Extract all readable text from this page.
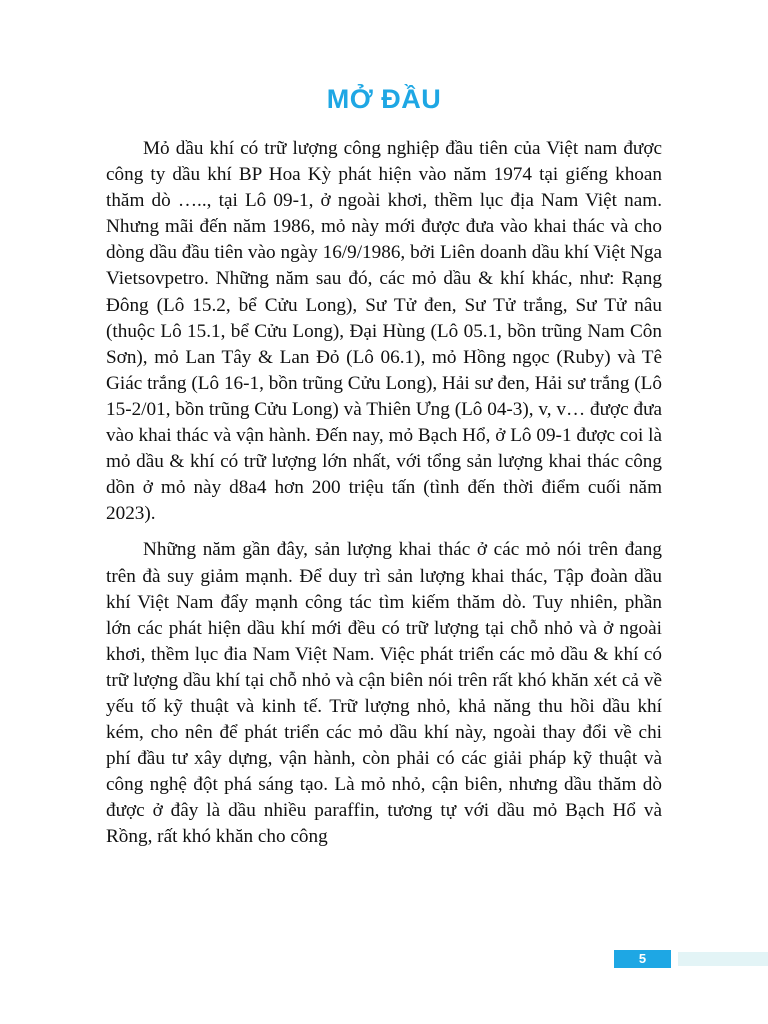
MỞ ĐẦU

Mỏ dầu khí có trữ lượng công nghiệp đầu tiên của Việt nam được công ty dầu khí BP Hoa Kỳ phát hiện vào năm 1974 tại giếng khoan thăm dò ….., tại Lô 09-1, ở ngoài khơi, thềm lục địa Nam Việt nam. Nhưng mãi đến năm 1986, mỏ này mới được đưa vào khai thác và cho dòng dầu đầu tiên vào ngày 16/9/1986, bởi Liên doanh dầu khí Việt Nga Vietsovpetro. Những năm sau đó, các mỏ dầu & khí khác, như: Rạng Đông (Lô 15.2, bể Cửu Long), Sư Tử đen, Sư Tử trắng, Sư Tử nâu (thuộc Lô 15.1, bể Cửu Long), Đại Hùng (Lô 05.1, bồn trũng Nam Côn Sơn), mỏ Lan Tây & Lan Đỏ (Lô 06.1), mỏ Hồng ngọc (Ruby) và Tê Giác trắng (Lô 16-1, bồn trũng Cửu Long), Hải sư đen, Hải sư trắng (Lô 15-2/01, bồn trũng Cửu Long) và Thiên Ưng (Lô 04-3), v, v… được đưa vào khai thác và vận hành. Đến nay, mỏ Bạch Hổ, ở Lô 09-1 được coi là mỏ dầu & khí có trữ lượng lớn nhất, với tổng sản lượng khai thác công dồn ở mỏ này d8a4 hơn 200 triệu tấn (tình đến thời điểm cuối năm 2023).

Những năm gần đây, sản lượng khai thác ở các mỏ nói trên đang trên đà suy giảm mạnh. Để duy trì sản lượng khai thác, Tập đoàn dầu khí Việt Nam đẩy mạnh công tác tìm kiếm thăm dò. Tuy nhiên, phần lớn các phát hiện dầu khí mới đều có trữ lượng tại chỗ nhỏ và ở ngoài khơi, thềm lục đia Nam Việt Nam. Việc phát triển các mỏ dầu & khí có trữ lượng dầu khí tại chỗ nhỏ và cận biên nói trên rất khó khăn xét cả về yếu tố kỹ thuật và kinh tế. Trữ lượng nhỏ, khả năng thu hồi dầu khí kém, cho nên để phát triển các mỏ dầu khí này, ngoài thay đổi về chi phí đầu tư xây dựng, vận hành, còn phải có các giải pháp kỹ thuật và công nghệ đột phá sáng tạo. Là mỏ nhỏ, cận biên, nhưng dầu thăm dò được ở đây là dầu nhiều paraffin, tương tự với dầu mỏ Bạch Hổ và Rồng, rất khó khăn cho công

5
